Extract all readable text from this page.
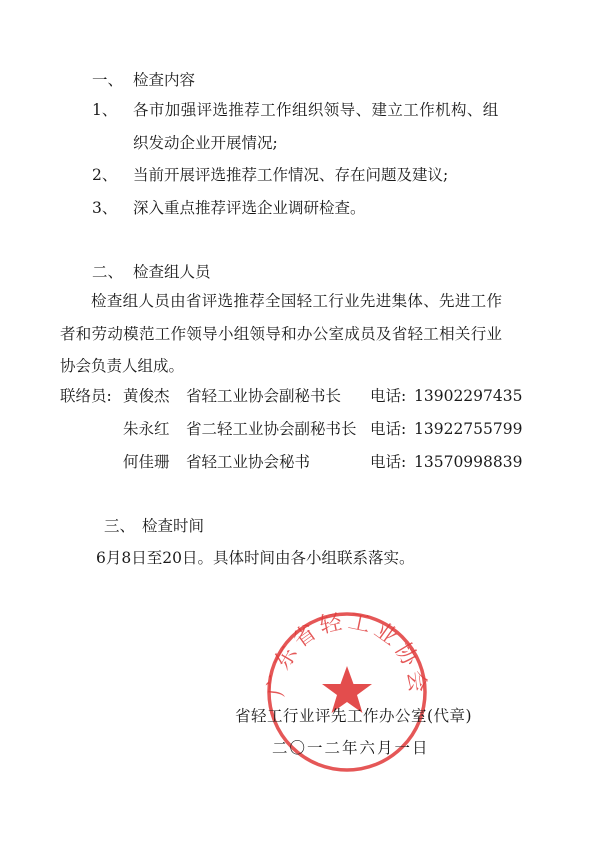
一、 检查内容
1、 各市加强评选推荐工作组织领导、建立工作机构、组
织发动企业开展情况;
2、 当前开展评选推荐工作情况、存在问题及建议;
3、 深入重点推荐评选企业调研检查。
二、 检查组人员
检查组人员由省评选推荐全国轻工行业先进集体、先进工作者和劳动模范工作领导小组领导和办公室成员及省轻工相关行业协会负责人组成。
联络员: 黄俊杰 省轻工业协会副秘书长 电话: 13902297435
朱永红 省二轻工业协会副秘书长 电话: 13922755799
何佳珊 省轻工业协会秘书	电话: 13570998839
三、 检查时间
6月8日至20日。具体时间由各小组联系落实。
广东省轻工业协会
省轻工行业评先工作办公室(代章)
二〇一二年六月一日
